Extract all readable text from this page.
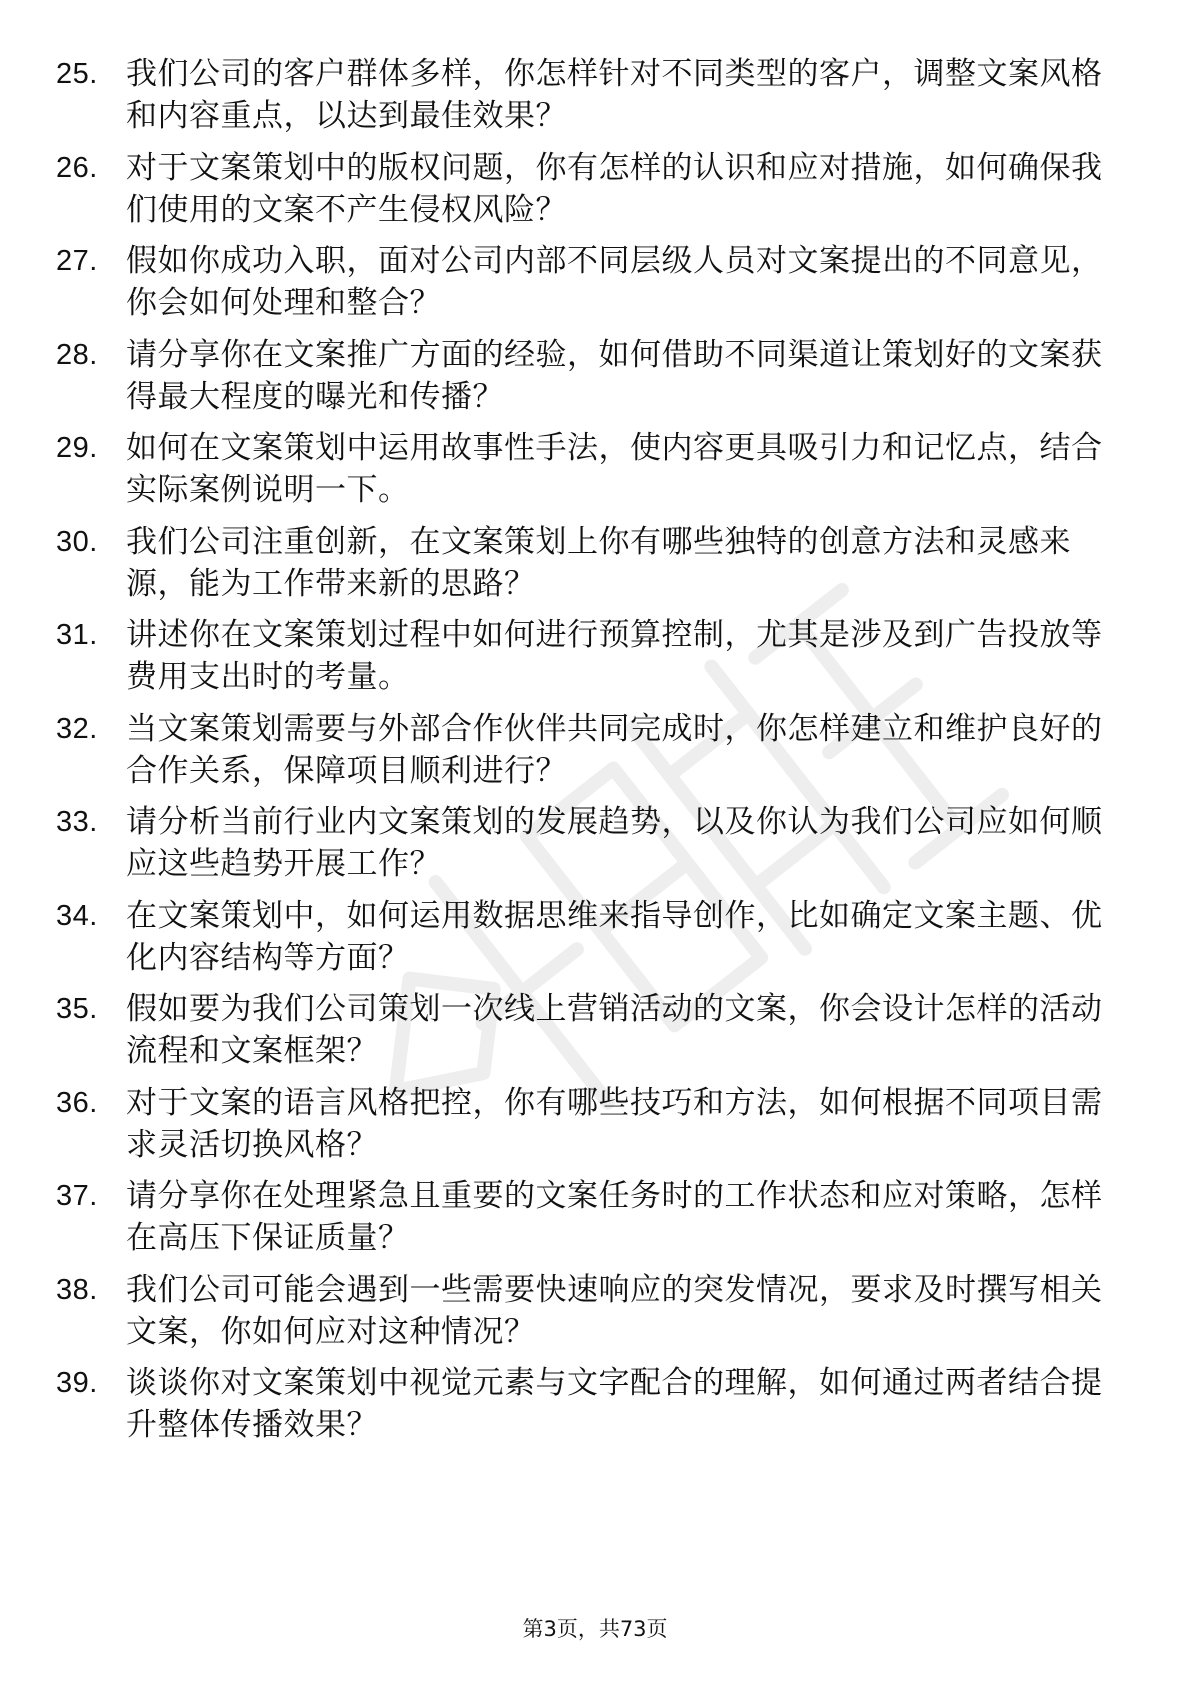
25. 我们公司的客户群体多样，你怎样针对不同类型的客户，调整文案风格和内容重点，以达到最佳效果？
26. 对于文案策划中的版权问题，你有怎样的认识和应对措施，如何确保我们使用的文案不产生侵权风险？
27. 假如你成功入职，面对公司内部不同层级人员对文案提出的不同意见，你会如何处理和整合？
28. 请分享你在文案推广方面的经验，如何借助不同渠道让策划好的文案获得最大程度的曝光和传播？
29. 如何在文案策划中运用故事性手法，使内容更具吸引力和记忆点，结合实际案例说明一下。
30. 我们公司注重创新，在文案策划上你有哪些独特的创意方法和灵感来源，能为工作带来新的思路？
31. 讲述你在文案策划过程中如何进行预算控制，尤其是涉及到广告投放等费用支出时的考量。
32. 当文案策划需要与外部合作伙伴共同完成时，你怎样建立和维护良好的合作关系，保障项目顺利进行？
33. 请分析当前行业内文案策划的发展趋势，以及你认为我们公司应如何顺应这些趋势开展工作？
34. 在文案策划中，如何运用数据思维来指导创作，比如确定文案主题、优化内容结构等方面？
35. 假如要为我们公司策划一次线上营销活动的文案，你会设计怎样的活动流程和文案框架？
36. 对于文案的语言风格把控，你有哪些技巧和方法，如何根据不同项目需求灵活切换风格？
37. 请分享你在处理紧急且重要的文案任务时的工作状态和应对策略，怎样在高压下保证质量？
38. 我们公司可能会遇到一些需要快速响应的突发情况，要求及时撰写相关文案，你如何应对这种情况？
39. 谈谈你对文案策划中视觉元素与文字配合的理解，如何通过两者结合提升整体传播效果？
第3页，共73页
